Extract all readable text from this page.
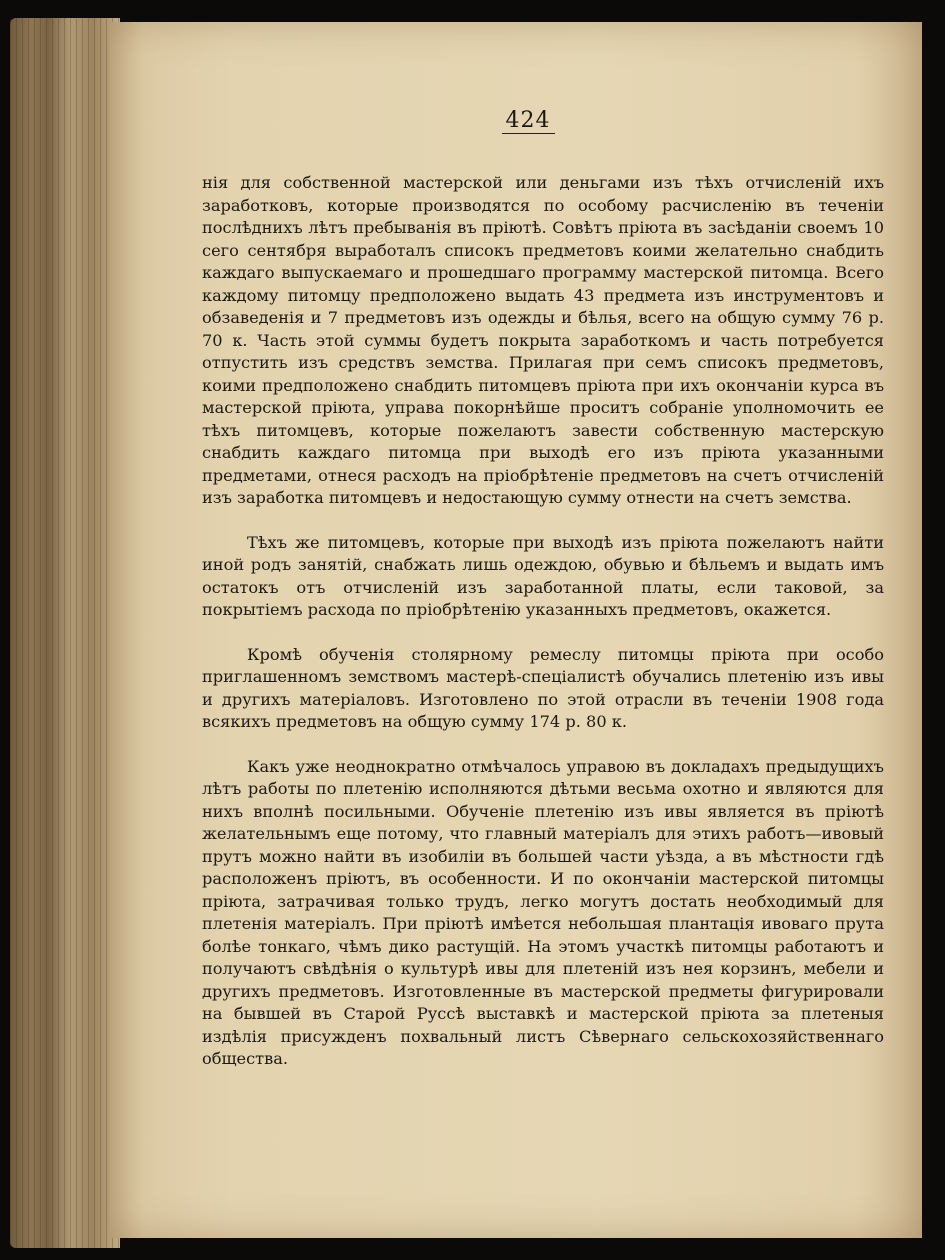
424

нія для собственной мастерской или деньгами изъ тѣхъ отчисленій ихъ заработковъ, которые производятся по особому расчисленію въ теченіи послѣднихъ лѣтъ пребыванія въ пріютѣ. Совѣтъ пріюта въ засѣданіи своемъ 10 сего сентября выработалъ списокъ предметовъ коими желательно снабдить каждаго выпускаемаго и прошедшаго программу мастерской питомца. Всего каждому питомцу предположено выдать 43 предмета изъ инструментовъ и обзаведенія и 7 предметовъ изъ одежды и бѣлья, всего на общую сумму 76 р. 70 к. Часть этой суммы будетъ покрыта заработкомъ и часть потребуется отпустить изъ средствъ земства. Прилагая при семъ списокъ предметовъ, коими предположено снабдить питомцевъ пріюта при ихъ окончаніи курса въ мастерской пріюта, управа покорнѣйше проситъ собраніе уполномочить ее тѣхъ питомцевъ, которые пожелаютъ завести собственную мастерскую снабдить каждаго питомца при выходѣ его изъ пріюта указанными предметами, отнеся расходъ на пріобрѣтеніе предметовъ на счетъ отчисленій изъ заработка питомцевъ и недостающую сумму отнести на счетъ земства.

Тѣхъ же питомцевъ, которые при выходѣ изъ пріюта пожелаютъ найти иной родъ занятій, снабжать лишь одеждою, обувью и бѣльемъ и выдать имъ остатокъ отъ отчисленій изъ заработанной платы, если таковой, за покрытіемъ расхода по пріобрѣтенію указанныхъ предметовъ, окажется.

Кромѣ обученія столярному ремеслу питомцы пріюта при особо приглашенномъ земствомъ мастерѣ-спеціалистѣ обучались плетенію изъ ивы и другихъ матеріаловъ. Изготовлено по этой отрасли въ теченіи 1908 года всякихъ предметовъ на общую сумму 174 р. 80 к.

Какъ уже неоднократно отмѣчалось управою въ докладахъ предыдущихъ лѣтъ работы по плетенію исполняются дѣтьми весьма охотно и являются для нихъ вполнѣ посильными. Обученіе плетенію изъ ивы является въ пріютѣ желательнымъ еще потому, что главный матеріалъ для этихъ работъ—ивовый прутъ можно найти въ изобиліи въ большей части уѣзда, а въ мѣстности гдѣ расположенъ пріютъ, въ особенности. И по окончаніи мастерской питомцы пріюта, затрачивая только трудъ, легко могутъ достать необходимый для плетенія матеріалъ. При пріютѣ имѣется небольшая плантація ивоваго прута болѣе тонкаго, чѣмъ дико растущій. На этомъ участкѣ питомцы работаютъ и получаютъ свѣдѣнія о культурѣ ивы для плетеній изъ нея корзинъ, мебели и другихъ предметовъ. Изготовленные въ мастерской предметы фигурировали на бывшей въ Старой Руссѣ выставкѣ и мастерской пріюта за плетеныя издѣлія присужденъ похвальный листъ Сѣвернаго сельскохозяйственнаго общества.
